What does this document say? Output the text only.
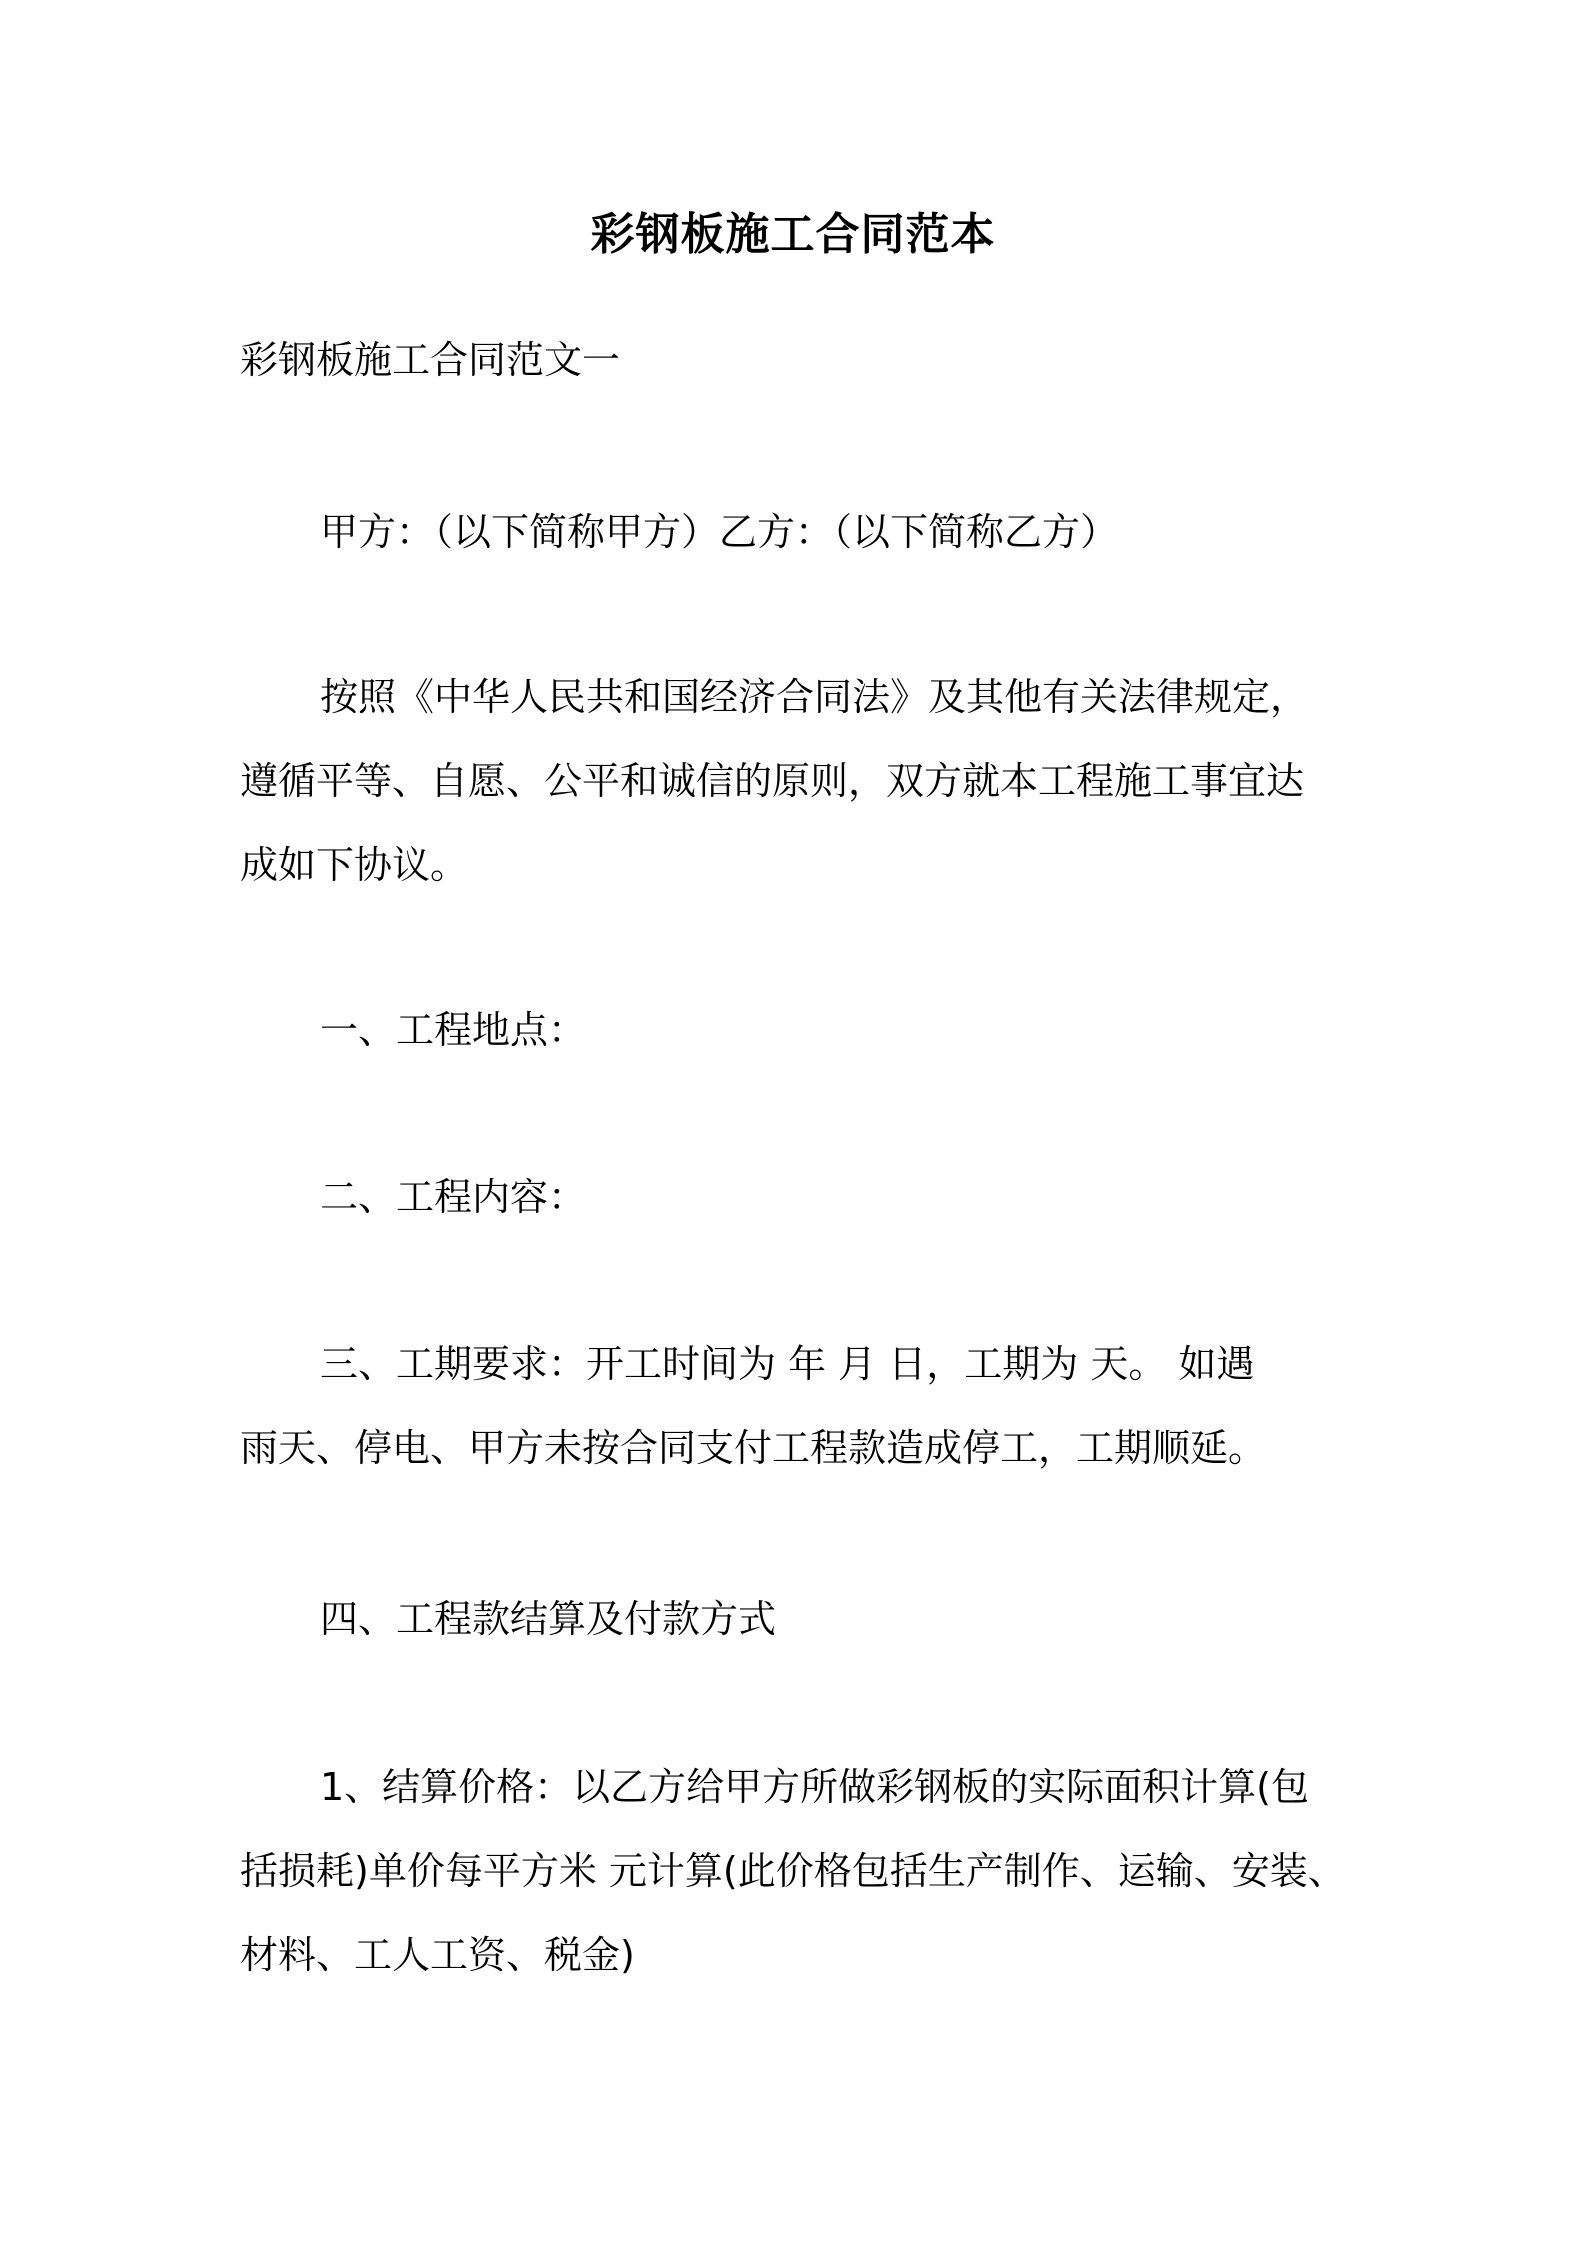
彩钢板施工合同范本
彩钢板施工合同范文一
甲方：（以下简称甲方）乙方：（以下简称乙方）
按照《中华人民共和国经济合同法》及其他有关法律规定，
遵循平等、自愿、公平和诚信的原则，双方就本工程施工事宜达
成如下协议。
一、工程地点：
二、工程内容：
三、工期要求：开工时间为 年 月 日，工期为 天。 如遇
雨天、停电、甲方未按合同支付工程款造成停工，工期顺延。
四、工程款结算及付款方式
1、结算价格：以乙方给甲方所做彩钢板的实际面积计算(包
括损耗)单价每平方米 元计算(此价格包括生产制作、运输、安装、
材料、工人工资、税金)
